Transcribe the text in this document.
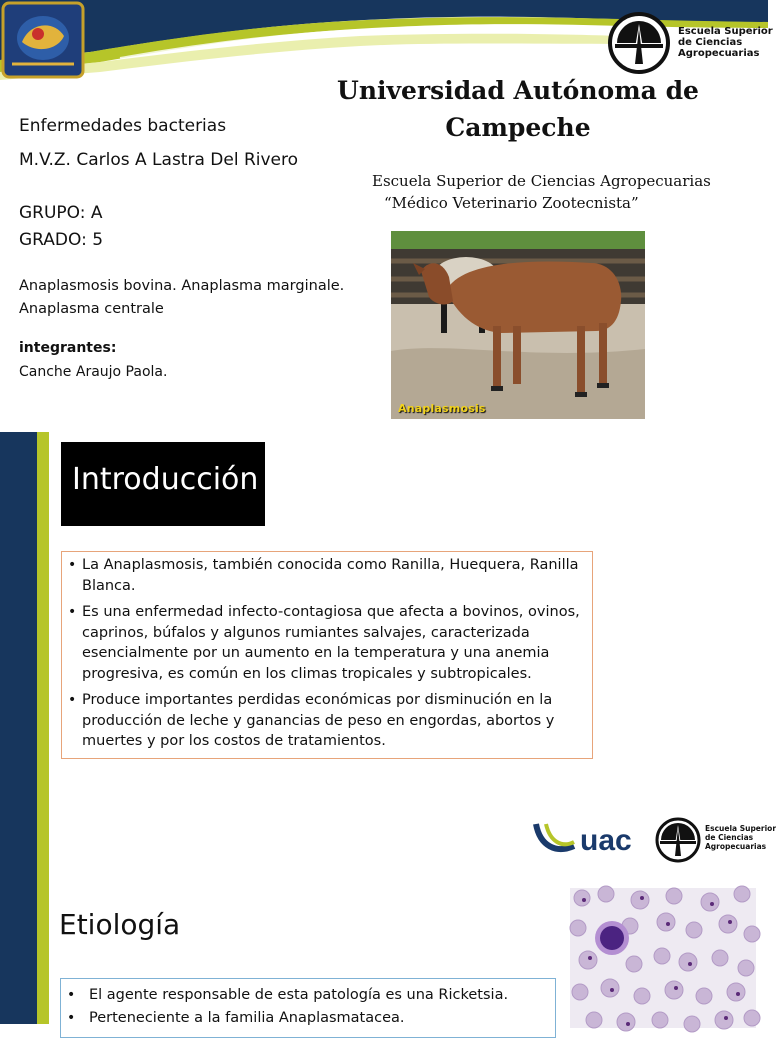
Escuela Superior
de Ciencias
Agropecuarias
Universidad Autónoma de Campeche
Escuela Superior de Ciencias Agropecuarias
“Médico Veterinario Zootecnista”
Enfermedades bacterias
M.V.Z. Carlos A Lastra Del Rivero
GRUPO: A
GRADO: 5
Anaplasmosis bovina. Anaplasma marginale. Anaplasma centrale
integrantes:
Canche Araujo Paola.
Anaplasmosis
Introducción
• La Anaplasmosis, también conocida como Ranilla, Huequera, Ranilla Blanca.
• Es una enfermedad infecto-contagiosa que afecta a bovinos, ovinos, caprinos, búfalos y algunos rumiantes salvajes, caracterizada esencialmente por un aumento en la temperatura y una anemia progresiva, es común en los climas tropicales y subtropicales.
• Produce importantes perdidas económicas por disminución en la producción de leche y ganancias de peso en engordas, abortos y muertes y por los costos de tratamientos.
uac	Escuela Superior
de Ciencias
Agropecuarias
Etiología
• El agente responsable de esta patología es una Ricketsia.
• Perteneciente a la familia Anaplasmatacea.
